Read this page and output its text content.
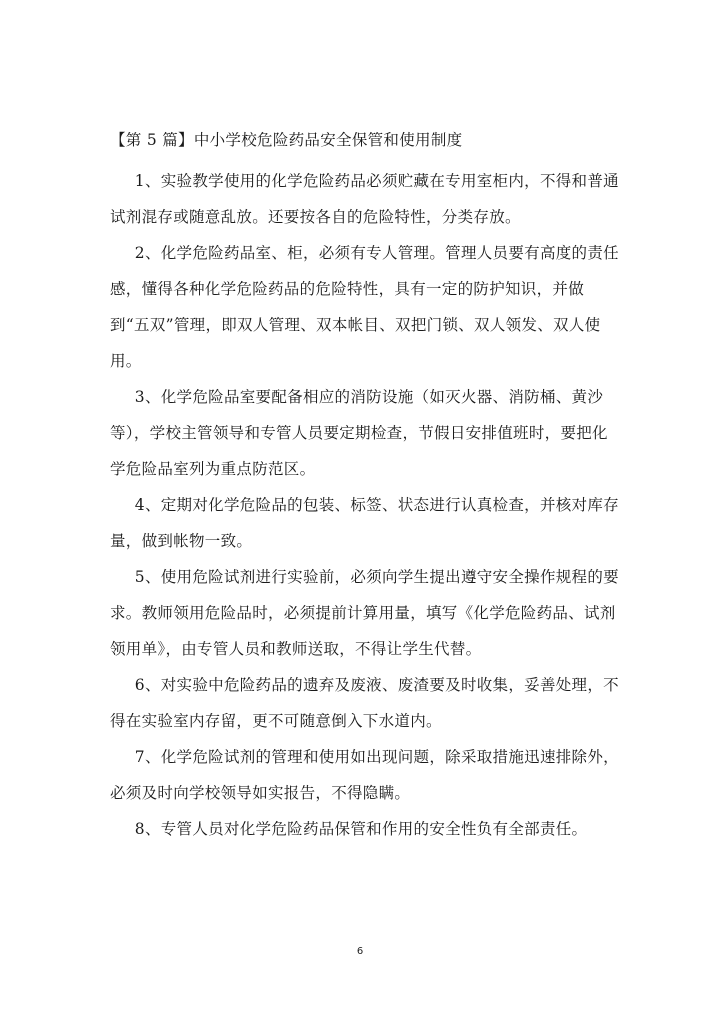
【第 5 篇】中小学校危险药品安全保管和使用制度

1、实验教学使用的化学危险药品必须贮藏在专用室柜内，不得和普通试剂混存或随意乱放。还要按各自的危险特性，分类存放。

2、化学危险药品室、柜，必须有专人管理。管理人员要有高度的责任感，懂得各种化学危险药品的危险特性，具有一定的防护知识，并做到“五双”管理，即双人管理、双本帐目、双把门锁、双人领发、双人使用。

3、化学危险品室要配备相应的消防设施（如灭火器、消防桶、黄沙等），学校主管领导和专管人员要定期检查，节假日安排值班时，要把化学危险品室列为重点防范区。

4、定期对化学危险品的包装、标签、状态进行认真检查，并核对库存量，做到帐物一致。

5、使用危险试剂进行实验前，必须向学生提出遵守安全操作规程的要求。教师领用危险品时，必须提前计算用量，填写《化学危险药品、试剂领用单》，由专管人员和教师送取，不得让学生代替。

6、对实验中危险药品的遗弃及废液、废渣要及时收集，妥善处理，不得在实验室内存留，更不可随意倒入下水道内。

7、化学危险试剂的管理和使用如出现问题，除采取措施迅速排除外，必须及时向学校领导如实报告，不得隐瞒。

8、专管人员对化学危险药品保管和作用的安全性负有全部责任。

6
